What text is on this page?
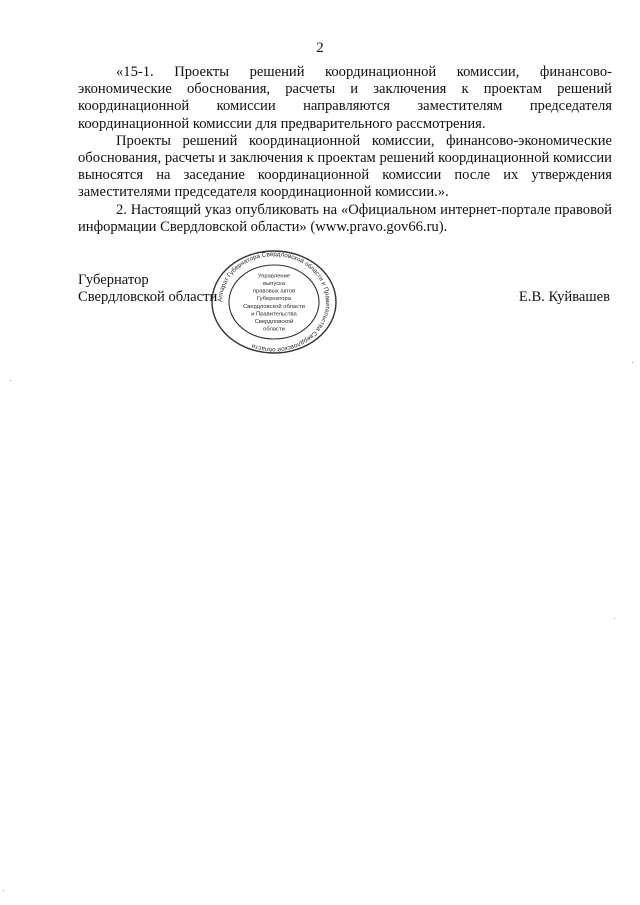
2

«15-1. Проекты решений координационной комиссии, финансово-экономические обоснования, расчеты и заключения к проектам решений координационной комиссии направляются заместителям председателя координационной комиссии для предварительного рассмотрения.

Проекты решений координационной комиссии, финансово-экономические обоснования, расчеты и заключения к проектам решений координационной комиссии выносятся на заседание координационной комиссии после их утверждения заместителями председателя координационной комиссии.».

2. Настоящий указ опубликовать на «Официальном интернет-портале правовой информации Свердловской области» (www.pravo.gov66.ru).

Губернатор
Свердловской области	Е.В. Куйвашев
Аппарат Губернатора Свердловской области и Правительства Свердловской области
Управление
выпуска
правовых актов
Губернатора
Свердловской области
и Правительства
Свердловской
области
